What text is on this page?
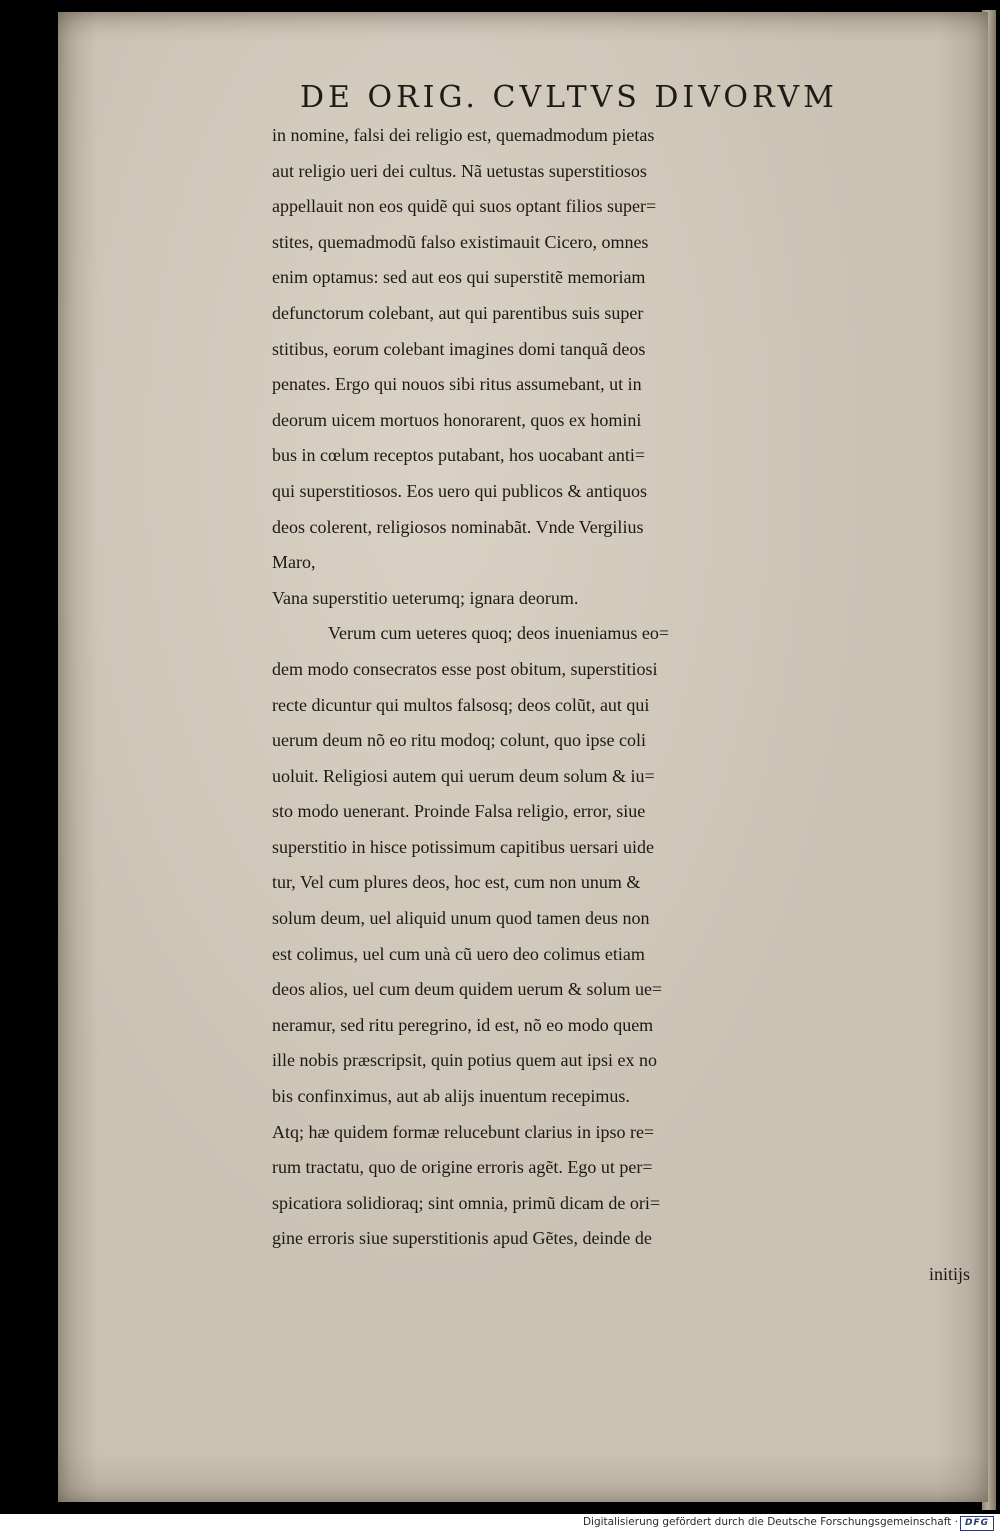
DE ORIG. CVLTVS DIVORVM
in nomine, falsi dei religio est, quemadmodum pietas
aut religio ueri dei cultus. Nã uetustas superstitiosos
appellauit non eos quidẽ qui suos optant filios super=
stites, quemadmodũ falso existimauit Cicero, omnes
enim optamus: sed aut eos qui superstitẽ memoriam
defunctorum colebant, aut qui parentibus suis super
stitibus, eorum colebant imagines domi tanquã deos
penates. Ergo qui nouos sibi ritus assumebant, ut in
deorum uicem mortuos honorarent, quos ex homini
bus in cœlum receptos putabant, hos uocabant anti=
qui superstitiosos. Eos uero qui publicos & antiquos
deos colerent, religiosos nominabãt. Vnde Vergilius
Maro,
Vana superstitio ueterumq; ignara deorum.
Verum cum ueteres quoq; deos inueniamus eo=
dem modo consecratos esse post obitum, superstitiosi
recte dicuntur qui multos falsosq; deos colũt, aut qui
uerum deum nõ eo ritu modoq; colunt, quo ipse coli
uoluit. Religiosi autem qui uerum deum solum & iu=
sto modo uenerant. Proinde Falsa religio, error, siue
superstitio in hisce potissimum capitibus uersari uide
tur, Vel cum plures deos, hoc est, cum non unum &
solum deum, uel aliquid unum quod tamen deus non
est colimus, uel cum unà cũ uero deo colimus etiam
deos alios, uel cum deum quidem uerum & solum ue=
neramur, sed ritu peregrino, id est, nõ eo modo quem
ille nobis præscripsit, quin potius quem aut ipsi ex no
bis confinximus, aut ab alijs inuentum recepimus.
Atq; hæ quidem formæ relucebunt clarius in ipso re=
rum tractatu, quo de origine erroris agẽt. Ego ut per=
spicatiora solidioraq; sint omnia, primũ dicam de ori=
gine erroris siue superstitionis apud Gẽtes, deinde de
initijs
Digitalisierung gefördert durch die Deutsche Forschungsgemeinschaft · DFG
